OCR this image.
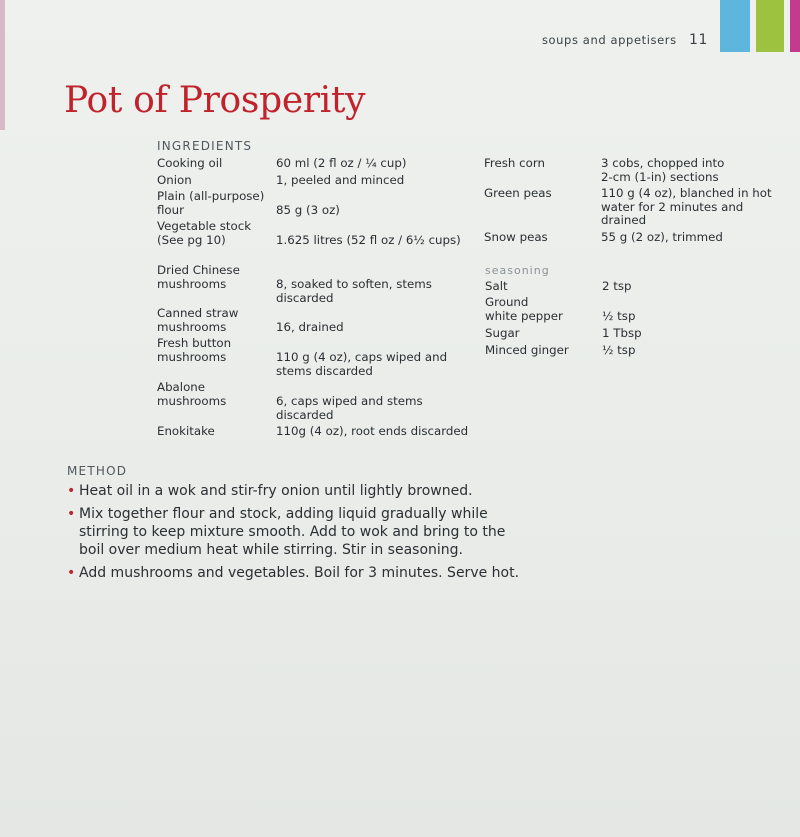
soups and appetisers 11
Pot of Prosperity
INGREDIENTS
Cooking oil	60 ml (2 fl oz / ¼ cup)
Onion	1, peeled and minced
Plain (all-purpose)
flour	85 g (3 oz)
Vegetable stock
(See pg 10)	1.625 litres (52 fl oz / 6½ cups)
Dried Chinese
mushrooms	8, soaked to soften, stems
discarded
Canned straw
mushrooms	16, drained
Fresh button
mushrooms	110 g (4 oz), caps wiped and
stems discarded
Abalone
mushrooms	6, caps wiped and stems
discarded
Enokitake	110g (4 oz), root ends discarded
Fresh corn	3 cobs, chopped into
2-cm (1-in) sections
Green peas	110 g (4 oz), blanched in hot
water for 2 minutes and
drained
Snow peas	55 g (2 oz), trimmed
seasoning
Salt	2 tsp
Ground
white pepper	½ tsp
Sugar	1 Tbsp
Minced ginger	½ tsp
METHOD
• Heat oil in a wok and stir-fry onion until lightly browned.
• Mix together flour and stock, adding liquid gradually while stirring to keep mixture smooth. Add to wok and bring to the boil over medium heat while stirring. Stir in seasoning.
• Add mushrooms and vegetables. Boil for 3 minutes. Serve hot.
